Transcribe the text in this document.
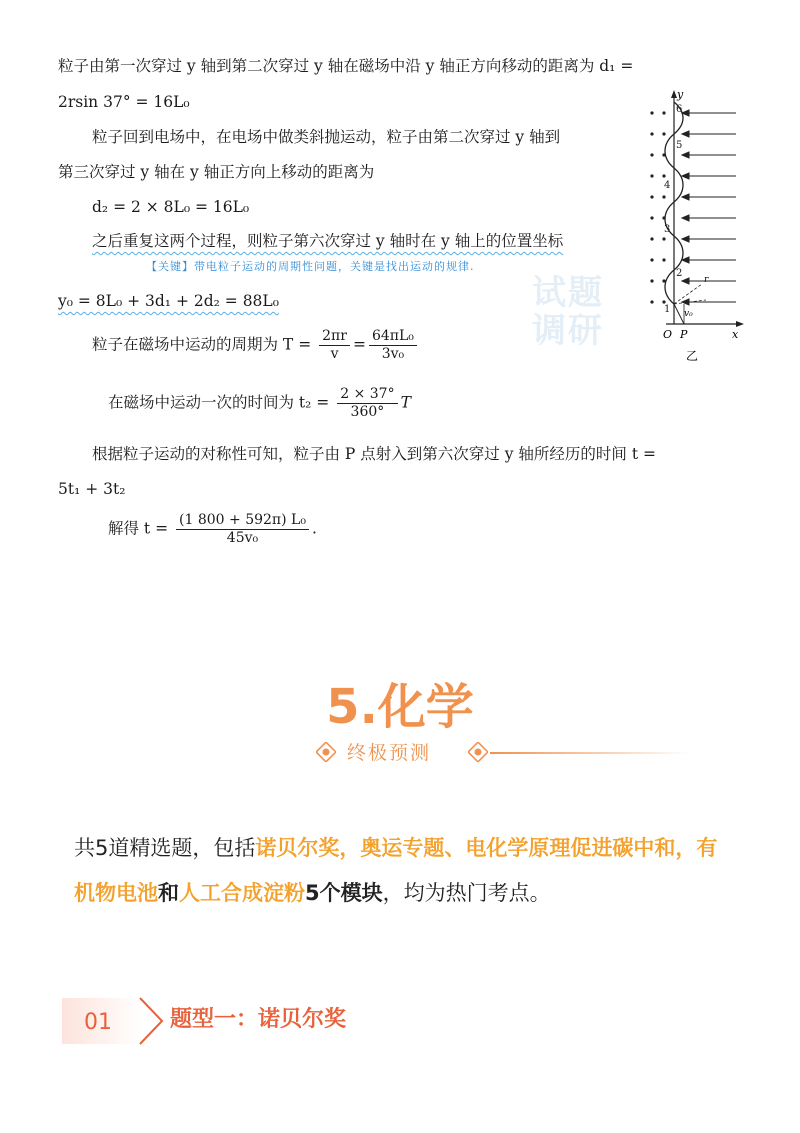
粒子由第一次穿过 y 轴到第二次穿过 y 轴在磁场中沿 y 轴正方向移动的距离为 d₁ =
2rsin 37° = 16L₀
粒子回到电场中，在电场中做类斜抛运动，粒子由第二次穿过 y 轴到
第三次穿过 y 轴在 y 轴正方向上移动的距离为
d₂ = 2 × 8L₀ = 16L₀
之后重复这两个过程，则粒子第六次穿过 y 轴时在 y 轴上的位置坐标
【关键】带电粒子运动的周期性问题，关键是找出运动的规律.
y₀ = 8L₀ + 3d₁ + 2d₂ = 88L₀
粒子在磁场中运动的周期为 $T = \frac{2\pi r}{v} = \frac{\text{64πL₀}}{\text{3v₀}}$
在磁场中运动一次的时间为 $t_2 = \frac{2 \times 37^\circ}{360^\circ}$ T
根据粒子运动的对称性可知，粒子由 P 点射入到第六次穿过 y 轴所经历的时间 t =
5t₁ + 3t₂
解得 $t = \frac{\text{(1 800 + 592π) L₀}}{\text{45v₀}}$ .
试题
调研
y
x
O P
v₀
r
6
5
4
3
2
1
乙
5.化学
终极预测
共5道精选题，包括诺贝尔奖，奥运专题、电化学原理促进碳中和，有机物电池和人工合成淀粉5个模块，均为热门考点。
01	题型一：诺贝尔奖
